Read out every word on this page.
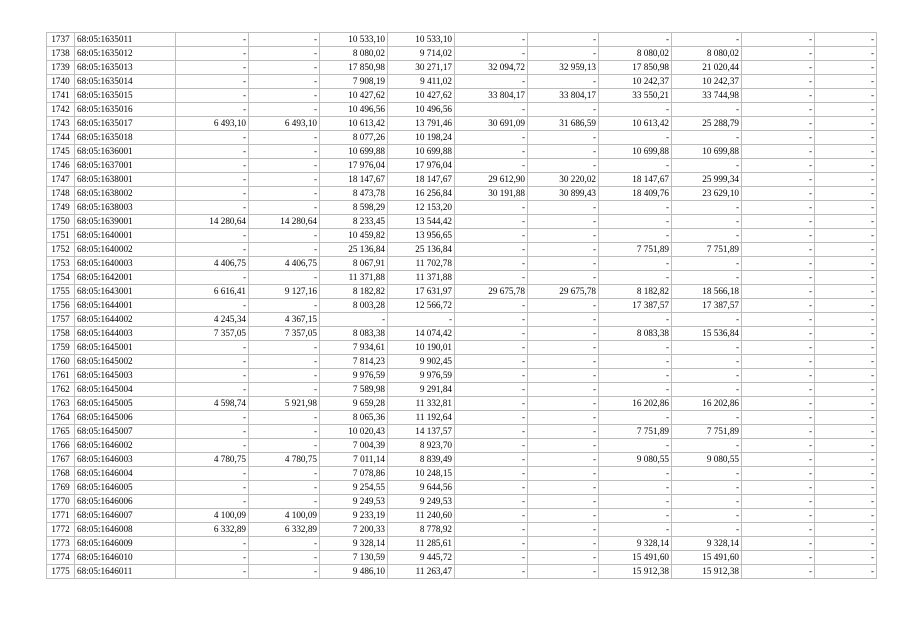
1737	68:05:1635011	-	-	10 533,10	10 533,10	-	-	-	-	-	-
1738	68:05:1635012	-	-	8 080,02	9 714,02	-	-	8 080,02	8 080,02	-	-
1739	68:05:1635013	-	-	17 850,98	30 271,17	32 094,72	32 959,13	17 850,98	21 020,44	-	-
1740	68:05:1635014	-	-	7 908,19	9 411,02	-	-	10 242,37	10 242,37	-	-
1741	68:05:1635015	-	-	10 427,62	10 427,62	33 804,17	33 804,17	33 550,21	33 744,98	-	-
1742	68:05:1635016	-	-	10 496,56	10 496,56	-	-	-	-	-	-
1743	68:05:1635017	6 493,10	6 493,10	10 613,42	13 791,46	30 691,09	31 686,59	10 613,42	25 288,79	-	-
1744	68:05:1635018	-	-	8 077,26	10 198,24	-	-	-	-	-	-
1745	68:05:1636001	-	-	10 699,88	10 699,88	-	-	10 699,88	10 699,88	-	-
1746	68:05:1637001	-	-	17 976,04	17 976,04	-	-	-	-	-	-
1747	68:05:1638001	-	-	18 147,67	18 147,67	29 612,90	30 220,02	18 147,67	25 999,34	-	-
1748	68:05:1638002	-	-	8 473,78	16 256,84	30 191,88	30 899,43	18 409,76	23 629,10	-	-
1749	68:05:1638003	-	-	8 598,29	12 153,20	-	-	-	-	-	-
1750	68:05:1639001	14 280,64	14 280,64	8 233,45	13 544,42	-	-	-	-	-	-
1751	68:05:1640001	-	-	10 459,82	13 956,65	-	-	-	-	-	-
1752	68:05:1640002	-	-	25 136,84	25 136,84	-	-	7 751,89	7 751,89	-	-
1753	68:05:1640003	4 406,75	4 406,75	8 067,91	11 702,78	-	-	-	-	-	-
1754	68:05:1642001	-	-	11 371,88	11 371,88	-	-	-	-	-	-
1755	68:05:1643001	6 616,41	9 127,16	8 182,82	17 631,97	29 675,78	29 675,78	8 182,82	18 566,18	-	-
1756	68:05:1644001	-	-	8 003,28	12 566,72	-	-	17 387,57	17 387,57	-	-
1757	68:05:1644002	4 245,34	4 367,15	-	-	-	-	-	-	-	-
1758	68:05:1644003	7 357,05	7 357,05	8 083,38	14 074,42	-	-	8 083,38	15 536,84	-	-
1759	68:05:1645001	-	-	7 934,61	10 190,01	-	-	-	-	-	-
1760	68:05:1645002	-	-	7 814,23	9 902,45	-	-	-	-	-	-
1761	68:05:1645003	-	-	9 976,59	9 976,59	-	-	-	-	-	-
1762	68:05:1645004	-	-	7 589,98	9 291,84	-	-	-	-	-	-
1763	68:05:1645005	4 598,74	5 921,98	9 659,28	11 332,81	-	-	16 202,86	16 202,86	-	-
1764	68:05:1645006	-	-	8 065,36	11 192,64	-	-	-	-	-	-
1765	68:05:1645007	-	-	10 020,43	14 137,57	-	-	7 751,89	7 751,89	-	-
1766	68:05:1646002	-	-	7 004,39	8 923,70	-	-	-	-	-	-
1767	68:05:1646003	4 780,75	4 780,75	7 011,14	8 839,49	-	-	9 080,55	9 080,55	-	-
1768	68:05:1646004	-	-	7 078,86	10 248,15	-	-	-	-	-	-
1769	68:05:1646005	-	-	9 254,55	9 644,56	-	-	-	-	-	-
1770	68:05:1646006	-	-	9 249,53	9 249,53	-	-	-	-	-	-
1771	68:05:1646007	4 100,09	4 100,09	9 233,19	11 240,60	-	-	-	-	-	-
1772	68:05:1646008	6 332,89	6 332,89	7 200,33	8 778,92	-	-	-	-	-	-
1773	68:05:1646009	-	-	9 328,14	11 285,61	-	-	9 328,14	9 328,14	-	-
1774	68:05:1646010	-	-	7 130,59	9 445,72	-	-	15 491,60	15 491,60	-	-
1775	68:05:1646011	-	-	9 486,10	11 263,47	-	-	15 912,38	15 912,38	-	-
